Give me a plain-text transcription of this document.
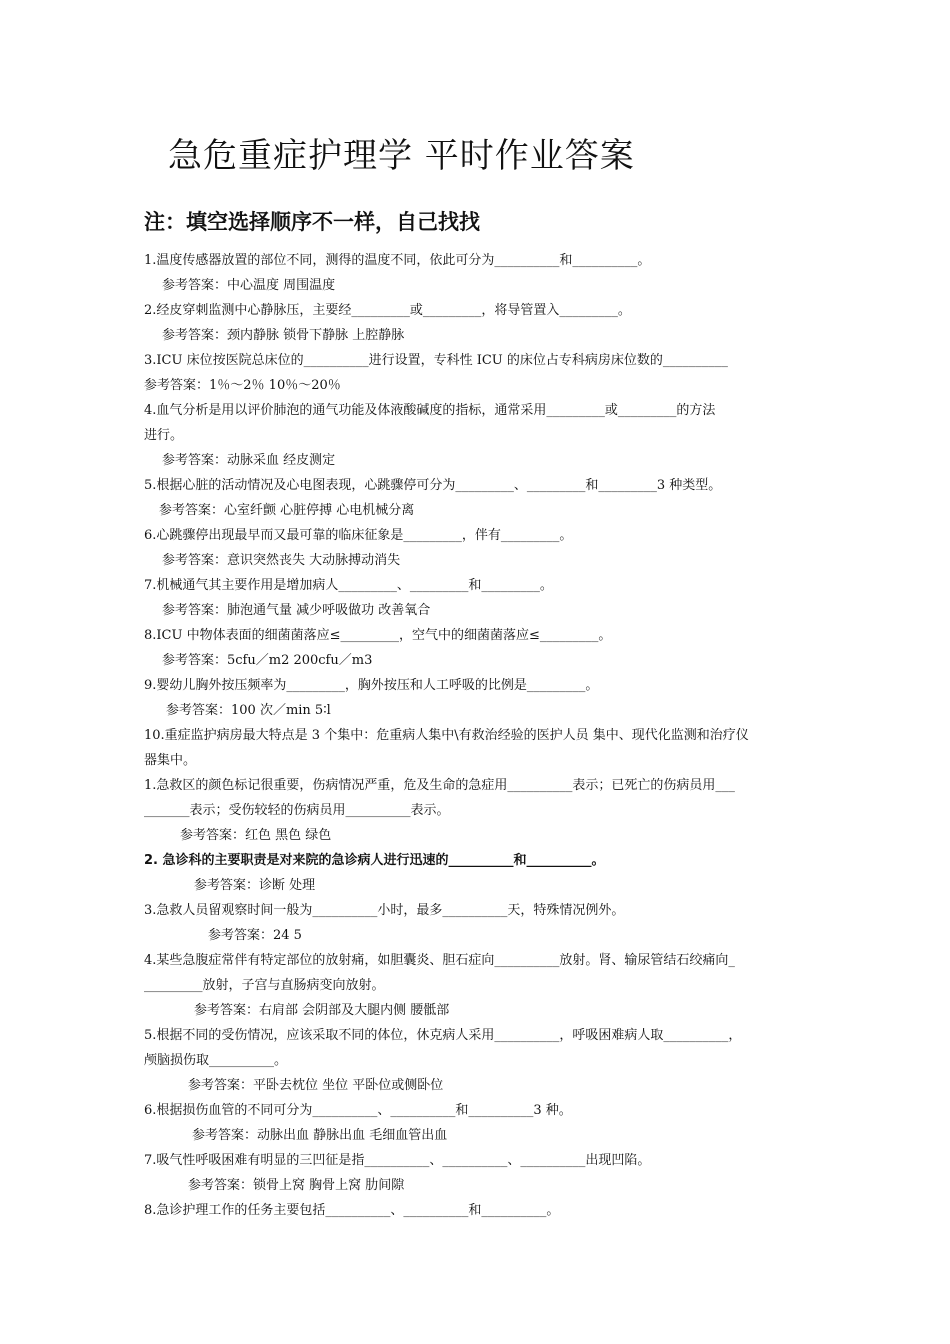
急危重症护理学 平时作业答案
注：填空选择顺序不一样，自己找找
1.温度传感器放置的部位不同，测得的温度不同，依此可分为__________和__________。
参考答案：中心温度 周围温度
2.经皮穿刺监测中心静脉压，主要经_________或_________，将导管置入_________。
参考答案：颈内静脉 锁骨下静脉 上腔静脉
3.ICU 床位按医院总床位的__________进行设置，专科性 ICU 的床位占专科病房床位数的__________
参考答案：1％～2％ 10％～20％
4.血气分析是用以评价肺泡的通气功能及体液酸碱度的指标，通常采用_________或_________的方法
进行。
参考答案：动脉采血 经皮测定
5.根据心脏的活动情况及心电图表现，心跳骤停可分为_________、_________和_________3 种类型。
参考答案：心室纤颤 心脏停搏 心电机械分离
6.心跳骤停出现最早而又最可靠的临床征象是_________，伴有_________。
参考答案：意识突然丧失 大动脉搏动消失
7.机械通气其主要作用是增加病人_________、_________和_________。
参考答案：肺泡通气量 减少呼吸做功 改善氧合
8.ICU 中物体表面的细菌菌落应≤_________，空气中的细菌菌落应≤_________。
参考答案：5cfu／m2 200cfu／m3
9.婴幼儿胸外按压频率为_________，胸外按压和人工呼吸的比例是_________。
参考答案：100 次／min 5∶l
10.重症监护病房最大特点是 3 个集中：危重病人集中\有救治经验的医护人员 集中、现代化监测和治疗仪
器集中。
1.急救区的颜色标记很重要，伤病情况严重，危及生命的急症用__________表示；已死亡的伤病员用___
_______表示；受伤较轻的伤病员用__________表示。
参考答案：红色 黑色 绿色
2. 急诊科的主要职责是对来院的急诊病人进行迅速的__________和__________。
参考答案：诊断 处理
3.急救人员留观察时间一般为__________小时，最多__________天，特殊情况例外。
参考答案：24 5
4.某些急腹症常伴有特定部位的放射痛，如胆囊炎、胆石症向__________放射。肾、输尿管结石绞痛向_
_________放射，子宫与直肠病变向放射。
参考答案：右肩部 会阴部及大腿内侧 腰骶部
5.根据不同的受伤情况，应该采取不同的体位，休克病人采用__________，呼吸困难病人取__________，
颅脑损伤取__________。
参考答案：平卧去枕位 坐位 平卧位或侧卧位
6.根据损伤血管的不同可分为__________、__________和__________3 种。
参考答案：动脉出血 静脉出血 毛细血管出血
7.吸气性呼吸困难有明显的三凹征是指__________、__________、__________出现凹陷。
参考答案：锁骨上窝 胸骨上窝 肋间隙
8.急诊护理工作的任务主要包括__________、__________和__________。
